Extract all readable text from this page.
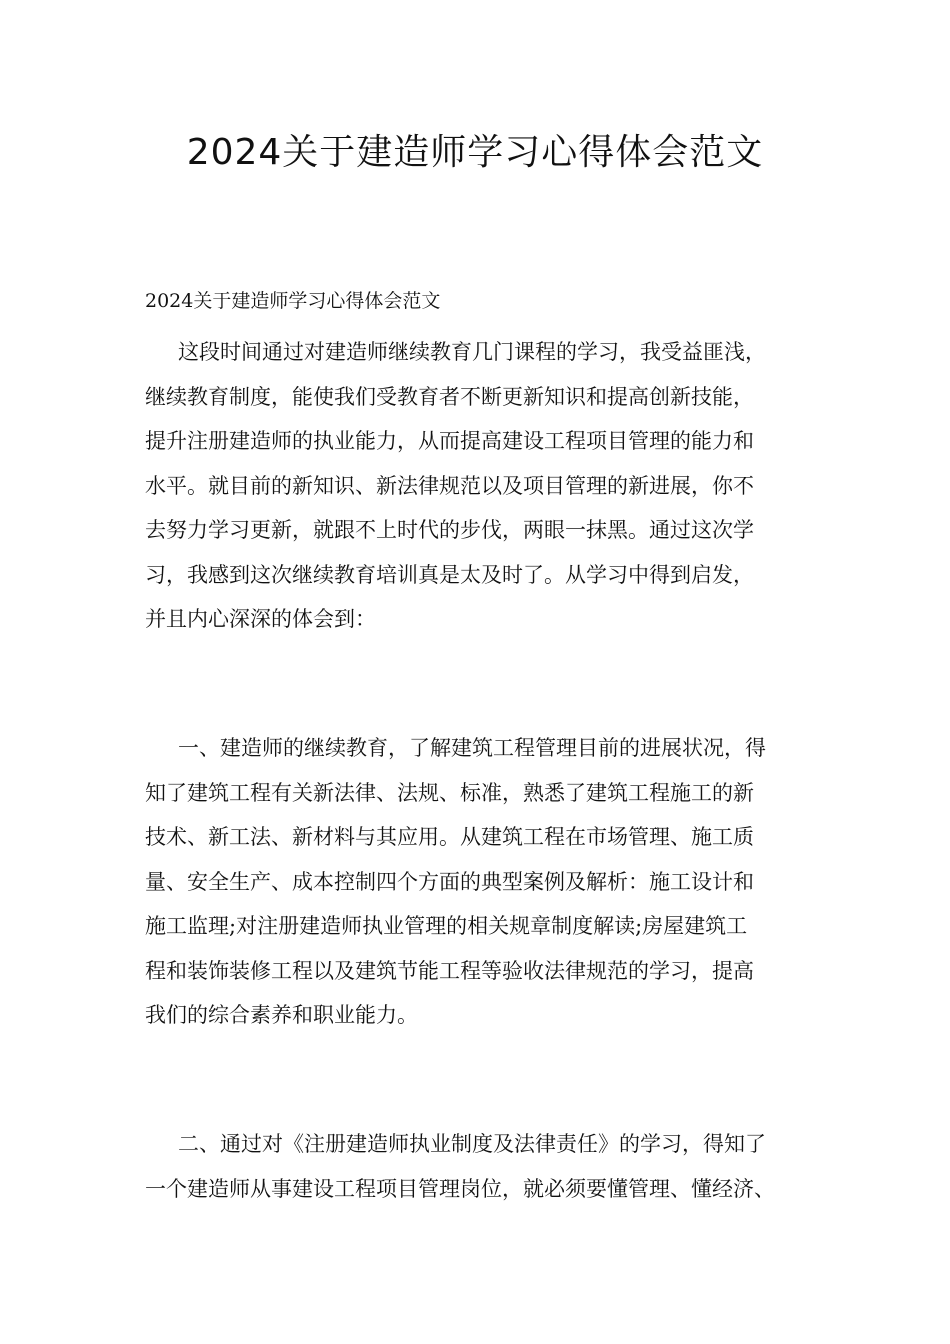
2024关于建造师学习心得体会范文

2024关于建造师学习心得体会范文

这段时间通过对建造师继续教育几门课程的学习，我受益匪浅，
继续教育制度，能使我们受教育者不断更新知识和提高创新技能，
提升注册建造师的执业能力，从而提高建设工程项目管理的能力和
水平。就目前的新知识、新法律规范以及项目管理的新进展，你不
去努力学习更新，就跟不上时代的步伐，两眼一抹黑。通过这次学
习，我感到这次继续教育培训真是太及时了。从学习中得到启发，
并且内心深深的体会到：

一、建造师的继续教育，了解建筑工程管理目前的进展状况，得
知了建筑工程有关新法律、法规、标准，熟悉了建筑工程施工的新
技术、新工法、新材料与其应用。从建筑工程在市场管理、施工质
量、安全生产、成本控制四个方面的典型案例及解析：施工设计和
施工监理;对注册建造师执业管理的相关规章制度解读;房屋建筑工
程和装饰装修工程以及建筑节能工程等验收法律规范的学习，提高
我们的综合素养和职业能力。

二、通过对《注册建造师执业制度及法律责任》的学习，得知了
一个建造师从事建设工程项目管理岗位，就必须要懂管理、懂经济、
